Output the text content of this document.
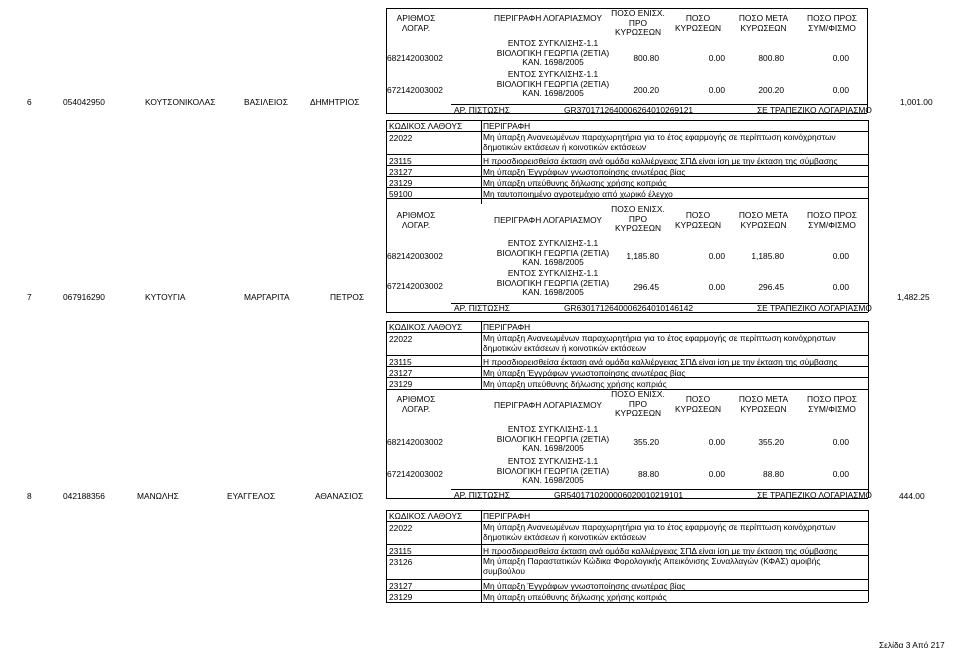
ΑΡΙΘΜΟΣ
ΛΟΓΑΡ.
ΠΕΡΙΓΡΑΦΗ ΛΟΓΑΡΙΑΣΜΟΥ	ΠΟΣΟ ΕΝΙΣΧ.
ΠΡΟ
ΚΥΡΩΣΕΩΝ
ΠΟΣΟ
ΚΥΡΩΣΕΩΝ
ΠΟΣΟ ΜΕΤΑ
ΚΥΡΩΣΕΩΝ
ΠΟΣΟ ΠΡΟΣ
ΣΥΜ/ΦΙΣΜΟ
682142003002
ΕΝΤΟΣ ΣΥΓΚΛΙΣΗΣ-1.1
ΒΙΟΛΟΓΙΚΗ ΓΕΩΡΓΙΑ (2ΕΤΙΑ)
ΚΑΝ. 1698/2005	800.80	0.00	800.80	0.00
672142003002
ΕΝΤΟΣ ΣΥΓΚΛΙΣΗΣ-1.1
ΒΙΟΛΟΓΙΚΗ ΓΕΩΡΓΙΑ (2ΕΤΙΑ)
ΚΑΝ. 1698/2005	200.20	0.00	200.20	0.00
ΑΡ. ΠΙΣΤΩΣΗΣ	GR3701712640006264010269121	ΣΕ ΤΡΑΠΕΖΙΚΟ ΛΟΓΑΡΙΑΣΜΟ
6	054042950	ΚΟΥΤΣΟΝΙΚΟΛΑΣ	ΒΑΣΙΛΕΙΟΣ	ΔΗΜΗΤΡΙΟΣ	1,001.00
ΚΩΔΙΚΟΣ ΛΑΘΟΥΣ	ΠΕΡΙΓΡΑΦΗ
22022	Μη ύπαρξη Ανανεωμένων παραχωρητήρια για το έτος εφαρμογής σε περίπτωση κοινόχρηστων
δημοτικών εκτάσεων ή κοινοτικών εκτάσεων
23115	Η προσδιορεισθείσα έκταση ανά ομάδα καλλιέργειας ΣΠΔ είναι ίση με την έκταση της σύμβασης
23127	Μη ύπαρξη Έγγράφων γνωστοποίησης ανωτέρας βίας
23129	Μη ύπαρξη υπεύθυνης δήλωσης χρήσης κοπριάς
59100	Μη ταυτοποιημένο αγροτεμάχιο από χωρικό έλεγχο
ΑΡΙΘΜΟΣ
ΛΟΓΑΡ.	ΠΕΡΙΓΡΑΦΗ ΛΟΓΑΡΙΑΣΜΟΥ
ΠΟΣΟ ΕΝΙΣΧ.
ΠΡΟ
ΚΥΡΩΣΕΩΝ
ΠΟΣΟ
ΚΥΡΩΣΕΩΝ
ΠΟΣΟ ΜΕΤΑ
ΚΥΡΩΣΕΩΝ
ΠΟΣΟ ΠΡΟΣ
ΣΥΜ/ΦΙΣΜΟ
682142003002
ΕΝΤΟΣ ΣΥΓΚΛΙΣΗΣ-1.1
ΒΙΟΛΟΓΙΚΗ ΓΕΩΡΓΙΑ (2ΕΤΙΑ)
ΚΑΝ. 1698/2005
1,185.80	0.00	1,185.80	0.00
672142003002
ΕΝΤΟΣ ΣΥΓΚΛΙΣΗΣ-1.1
ΒΙΟΛΟΓΙΚΗ ΓΕΩΡΓΙΑ (2ΕΤΙΑ)
ΚΑΝ. 1698/2005	296.45	0.00	296.45	0.00
ΑΡ. ΠΙΣΤΩΣΗΣ	GR6301712640006264010146142	ΣΕ ΤΡΑΠΕΖΙΚΟ ΛΟΓΑΡΙΑΣΜΟ
7	067916290	ΚΥΤΟΥΓΙΑ	ΜΑΡΓΑΡΙΤΑ	ΠΕΤΡΟΣ	1,482.25
ΚΩΔΙΚΟΣ ΛΑΘΟΥΣ	ΠΕΡΙΓΡΑΦΗ
22022	Μη ύπαρξη Ανανεωμένων παραχωρητήρια για το έτος εφαρμογής σε περίπτωση κοινόχρηστων
δημοτικών εκτάσεων ή κοινοτικών εκτάσεων
23115	Η προσδιορεισθείσα έκταση ανά ομάδα καλλιέργειας ΣΠΔ είναι ίση με την έκταση της σύμβασης
23127	Μη ύπαρξη Έγγράφων γνωστοποίησης ανωτέρας βίας
23129	Μη ύπαρξη υπεύθυνης δήλωσης χρήσης κοπριάς
ΑΡΙΘΜΟΣ
ΛΟΓΑΡ.	ΠΕΡΙΓΡΑΦΗ ΛΟΓΑΡΙΑΣΜΟΥ
ΠΟΣΟ ΕΝΙΣΧ.
ΠΡΟ
ΚΥΡΩΣΕΩΝ
ΠΟΣΟ
ΚΥΡΩΣΕΩΝ
ΠΟΣΟ ΜΕΤΑ
ΚΥΡΩΣΕΩΝ
ΠΟΣΟ ΠΡΟΣ
ΣΥΜ/ΦΙΣΜΟ
682142003002
ΕΝΤΟΣ ΣΥΓΚΛΙΣΗΣ-1.1
ΒΙΟΛΟΓΙΚΗ ΓΕΩΡΓΙΑ (2ΕΤΙΑ)
ΚΑΝ. 1698/2005
355.20	0.00	355.20	0.00
672142003002
ΕΝΤΟΣ ΣΥΓΚΛΙΣΗΣ-1.1
ΒΙΟΛΟΓΙΚΗ ΓΕΩΡΓΙΑ (2ΕΤΙΑ)
ΚΑΝ. 1698/2005
88.80	0.00	88.80	0.00
ΑΡ. ΠΙΣΤΩΣΗΣ	GR5401710200006020010219101	ΣΕ ΤΡΑΠΕΖΙΚΟ ΛΟΓΑΡΙΑΣΜΟ
8	042188356	ΜΑΝΩΛΗΣ	ΕΥΑΓΓΕΛΟΣ	ΑΘΑΝΑΣΙΟΣ	444.00
ΚΩΔΙΚΟΣ ΛΑΘΟΥΣ	ΠΕΡΙΓΡΑΦΗ
22022	Μη ύπαρξη Ανανεωμένων παραχωρητήρια για το έτος εφαρμογής σε περίπτωση κοινόχρηστων
δημοτικών εκτάσεων ή κοινοτικών εκτάσεων
23115	Η προσδιορεισθείσα έκταση ανά ομάδα καλλιέργειας ΣΠΔ είναι ίση με την έκταση της σύμβασης
23126	Μη ύπαρξη Παραστατικών Κώδικα Φορολογικής Απεικόνισης Συναλλαγών (ΚΦΑΣ) αμοιβής
συμβούλου
23127	Μη ύπαρξη Έγγράφων γνωστοποίησης ανωτέρας βίας
23129	Μη ύπαρξη υπεύθυνης δήλωσης χρήσης κοπριάς
Σελίδα 3 Από 217
